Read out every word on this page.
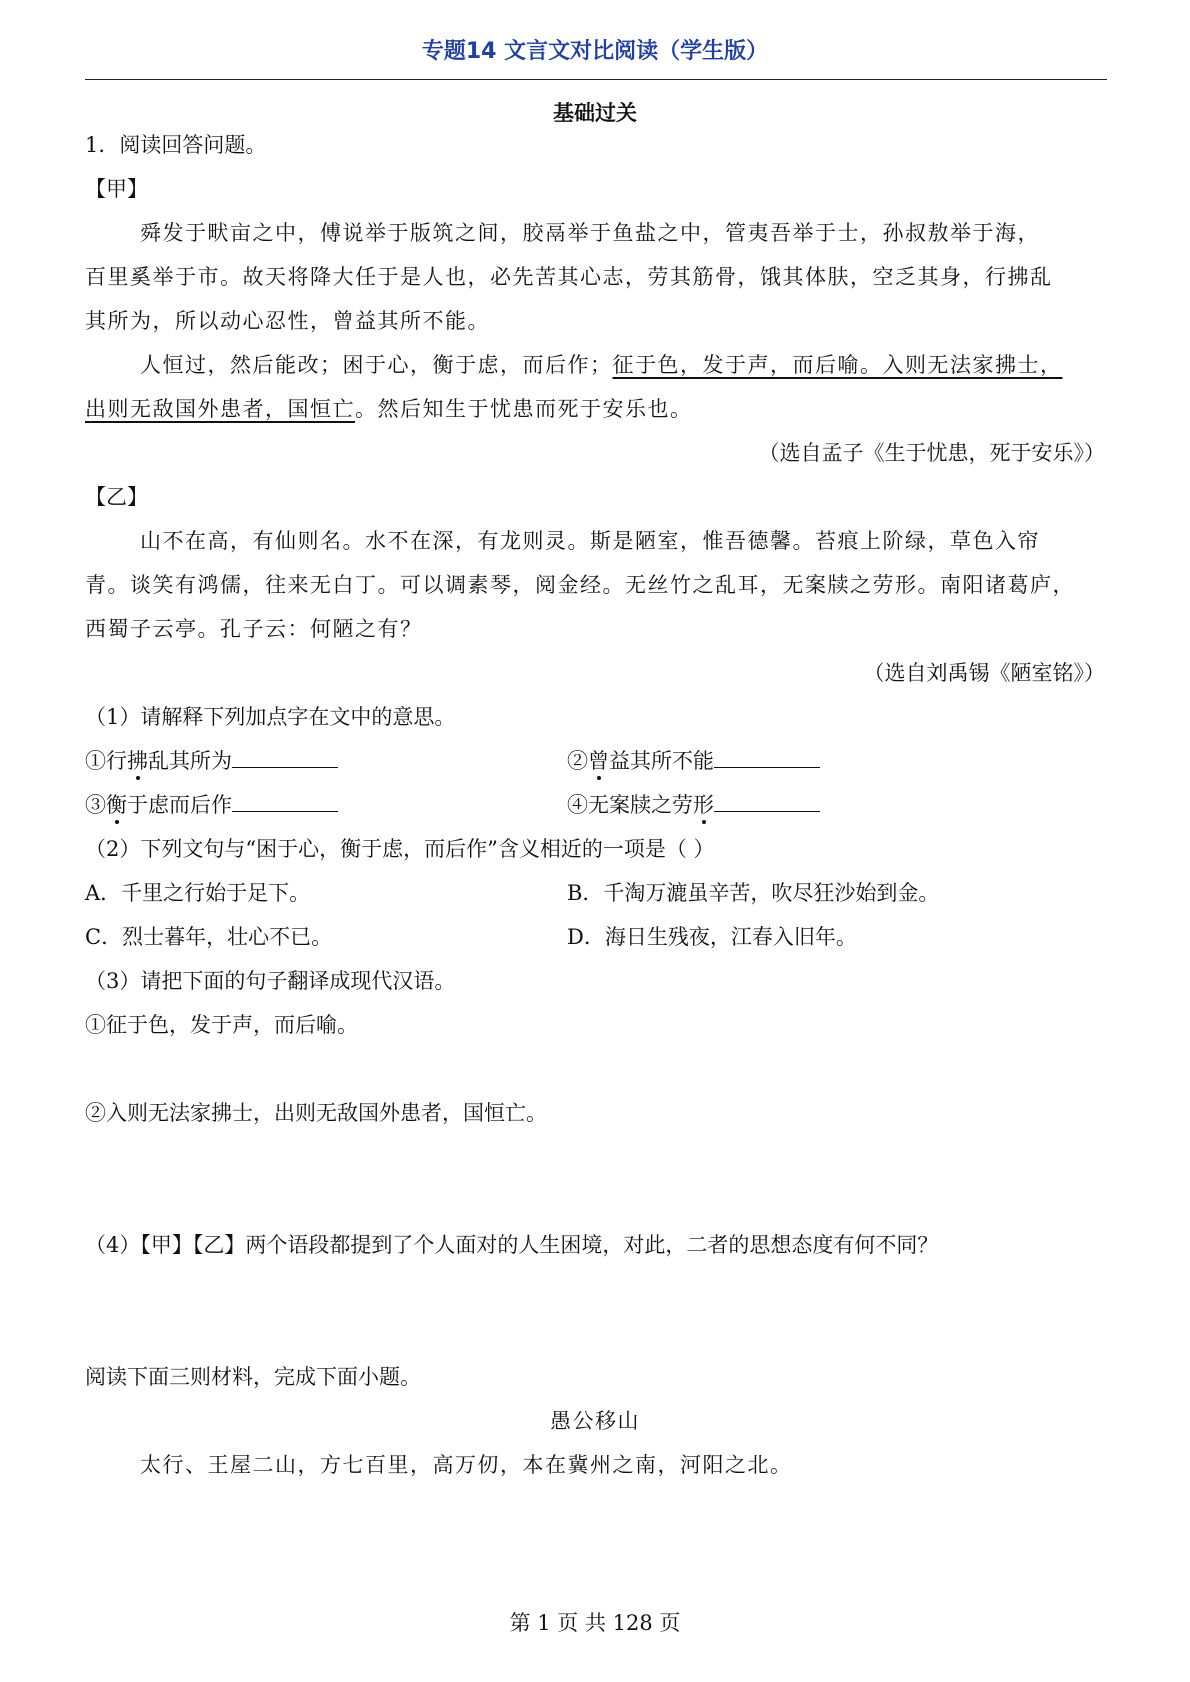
专题14 文言文对比阅读（学生版）
基础过关
1．阅读回答问题。
【甲】
舜发于畎亩之中，傅说举于版筑之间，胶鬲举于鱼盐之中，管夷吾举于士，孙叔敖举于海，
百里奚举于市。故天将降大任于是人也，必先苦其心志，劳其筋骨，饿其体肤，空乏其身，行拂乱
其所为，所以动心忍性，曾益其所不能。
人恒过，然后能改；困于心，衡于虑，而后作；征于色，发于声，而后喻。入则无法家拂士，
出则无敌国外患者，国恒亡。然后知生于忧患而死于安乐也。
（选自孟子《生于忧患，死于安乐》）
【乙】
山不在高，有仙则名。水不在深，有龙则灵。斯是陋室，惟吾德馨。苔痕上阶绿，草色入帘
青。谈笑有鸿儒，往来无白丁。可以调素琴，阅金经。无丝竹之乱耳，无案牍之劳形。南阳诸葛庐，
西蜀子云亭。孔子云：何陋之有？
（选自刘禹锡《陋室铭》）
（1）请解释下列加点字在文中的意思。
①行拂乱其所为	②曾益其所不能
③衡于虑而后作	④无案牍之劳形
（2）下列文句与“困于心，衡于虑，而后作”含义相近的一项是（ ）
A．千里之行始于足下。	B．千淘万漉虽辛苦，吹尽狂沙始到金。
C．烈士暮年，壮心不已。	D．海日生残夜，江春入旧年。
（3）请把下面的句子翻译成现代汉语。
①征于色，发于声，而后喻。
②入则无法家拂士，出则无敌国外患者，国恒亡。
（4）【甲】【乙】两个语段都提到了个人面对的人生困境，对此，二者的思想态度有何不同？
阅读下面三则材料，完成下面小题。
愚公移山
太行、王屋二山，方七百里，高万仞，本在冀州之南，河阳之北。
第 1 页 共 128 页
